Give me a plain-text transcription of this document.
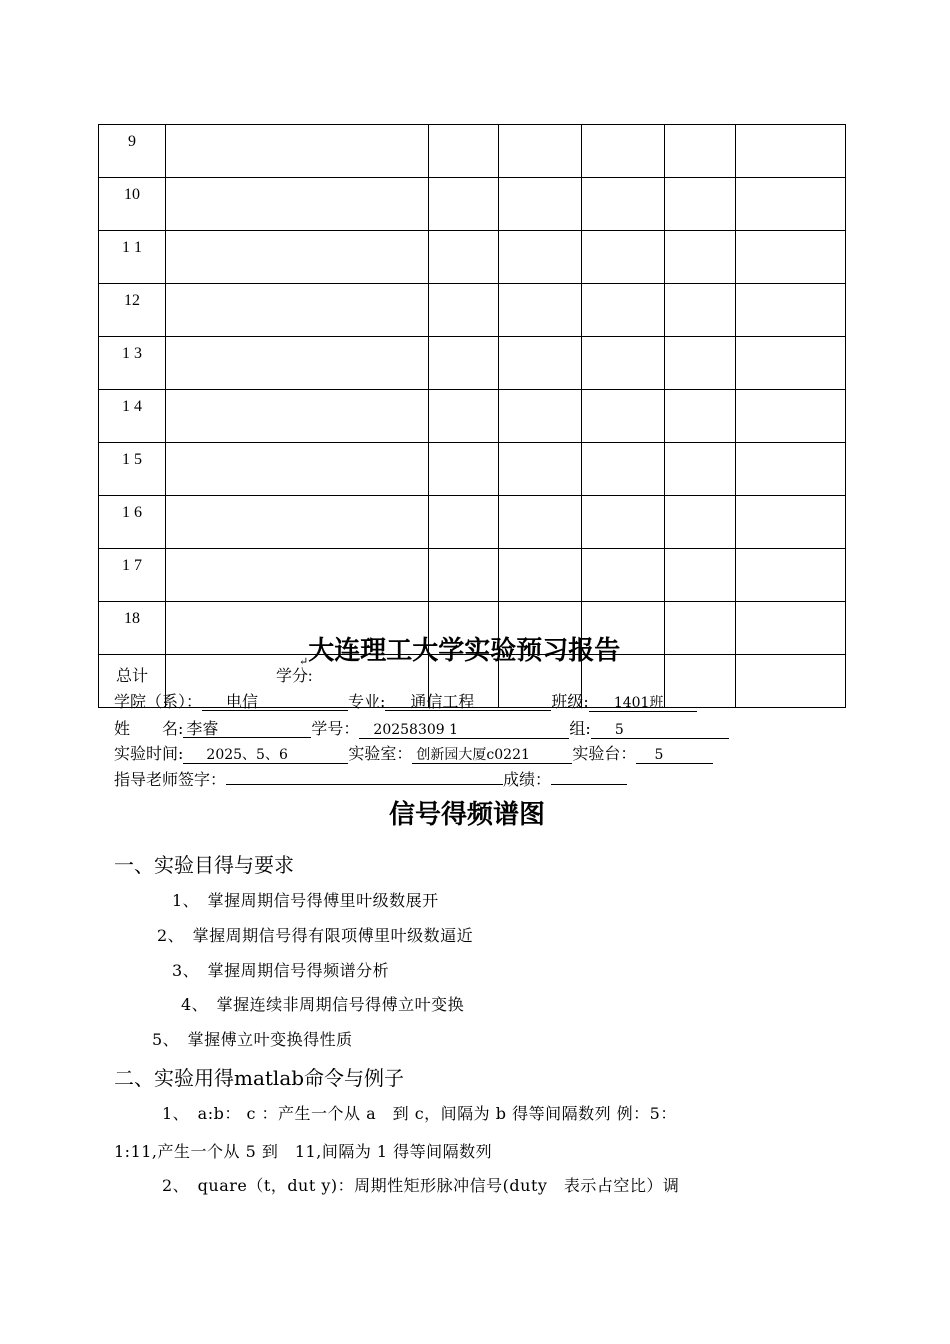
9						
10						
1 1						
12						
1 3						
1 4						
1 5						
1 6						
1 7						
18						
总计	学分:					
$_↵$大连理工大学实验预习报告
学院（系）： 电信	专业: 通信工程	班级: 1401班
姓　　名: 李睿	学号： 20258309 1	组: 5
实验时间: 2025、5、6	实验室： 创新园大厦c0221	实验台： 5
指导老师签字：	成绩：
信号得频谱图
一、实验目得与要求
1、　掌握周期信号得傅里叶级数展开
2、　掌握周期信号得有限项傅里叶级数逼近
3、　掌握周期信号得频谱分析
4、　掌握连续非周期信号得傅立叶变换
5、　掌握傅立叶变换得性质
二、实验用得matlab命令与例子
1、　a:b： c ：产生一个从 a　到 c，间隔为 b 得等间隔数列 例：5：
1:11,产生一个从 5 到　11,间隔为 1 得等间隔数列
2、　quare（t，dut y)：周期性矩形脉冲信号(duty　表示占空比）调
